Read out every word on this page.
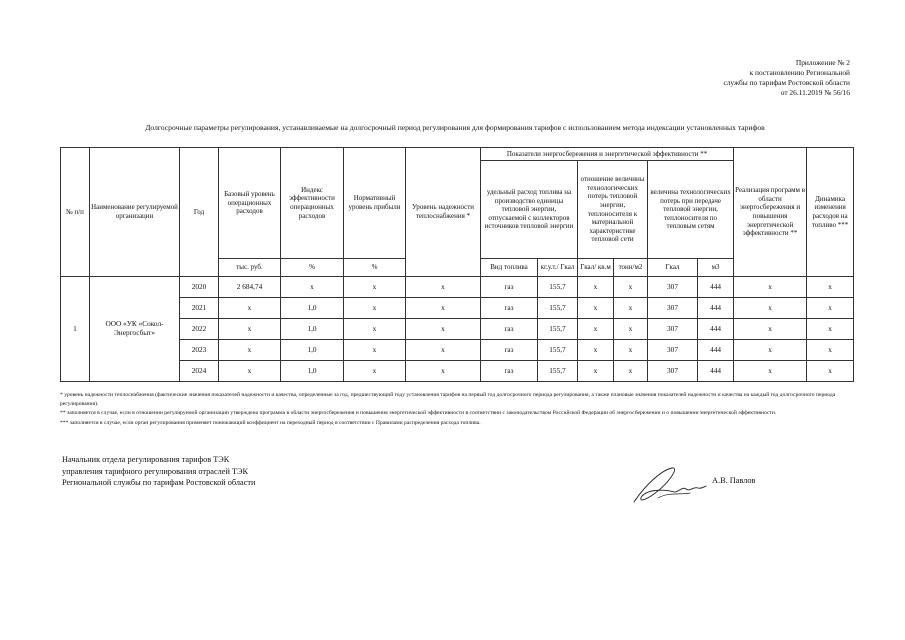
Приложение № 2
к постановлению Региональной
службы по тарифам Ростовской области
от 26.11.2019 № 56/16
Долгосрочные параметры регулирования, устанавливаемые на долгосрочный период регулирования для формирования тарифов с использованием метода индексации установленных тарифов
№ п/п	Наименование регулируемой организации	Год	Базовый уровень операционных расходов	Индекс эффективности операционных расходов	Нормативный уровень прибыли	Уровень надежности теплоснабжения *	Показатели энергосбережения и энергетической эффективности **						Реализация программ в области энергосбережения и повышения энергетической эффективности **	Динамика изменения расходов на топливо ***
							удельный расход топлива на производство единицы тепловой энергии, отпускаемой с коллекторов источников тепловой энергии		отношение величины технологических потерь тепловой энергии, теплоносителя к материальной характеристике тепловой сети		величина технологических потерь при передаче тепловой энергии, теплоносителя по тепловым сетям			
			тыс. руб.	%	%		Вид топлива	кг.у.т./ Гкал	Гкал/ кв.м	тонн/м2	Гкал	м3		
1	ООО «УК «Сокол-Энергосбыт»	2020	2 684,74	х	х	х	газ	155,7	х	х	307	444	х	х
		2021	х	1,0	х	х	газ	155,7	х	х	307	444	х	х
		2022	х	1,0	х	х	газ	155,7	х	х	307	444	х	х
		2023	х	1,0	х	х	газ	155,7	х	х	307	444	х	х
		2024	х	1,0	х	х	газ	155,7	х	х	307	444	х	х

* уровень надежности теплоснабжения (фактические значения показателей надежности и качества, определенные за год, предшествующий году установления тарифов на первый год долгосрочного периода регулирования, а также плановые значения показателей надежности и качества на каждый год долгосрочного периода регулирования).

** заполняется в случае, если в отношении регулируемой организации утверждена программа в области энергосбережения и повышения энергетической эффективности в соответствии с законодательством Российской Федерации об энергосбережении и о повышении энергетической эффективности.

*** заполняется в случае, если орган регулирования применяет понижающий коэффициент на переходный период в соответствии с Правилами распределения расхода топлива.

Начальник отдела регулирования тарифов ТЭК
управления тарифного регулирования отраслей ТЭК
Региональной службы по тарифам Ростовской области	А.В. Павлов
